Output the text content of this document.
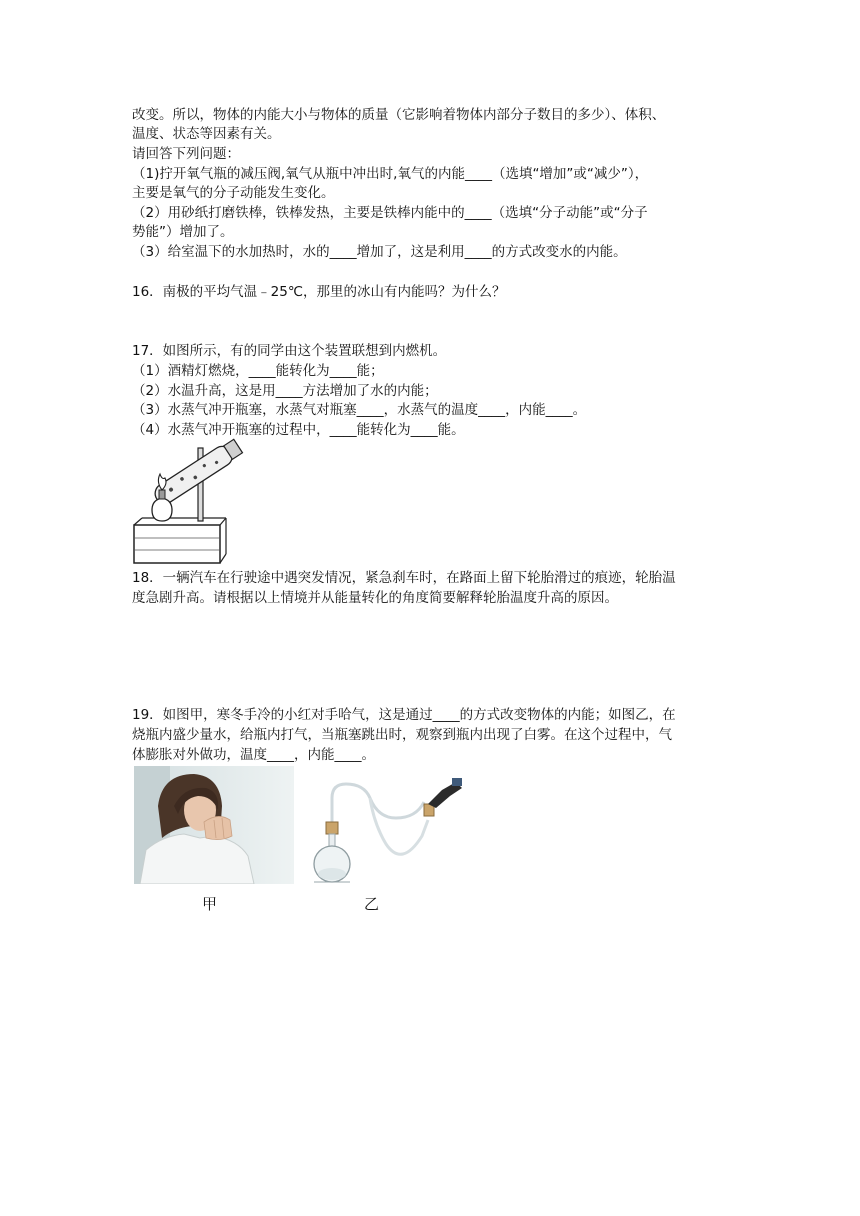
改变。所以，物体的内能大小与物体的质量（它影响着物体内部分子数目的多少）、体积、
温度、状态等因素有关。
请回答下列问题：
（1)拧开氧气瓶的减压阀,氧气从瓶中冲出时,氧气的内能____（选填“增加”或“减少”），
主要是氧气的分子动能发生变化。
（2）用砂纸打磨铁棒，铁棒发热，主要是铁棒内能中的____（选填“分子动能”或“分子
势能”）增加了。
（3）给室温下的水加热时，水的____增加了，这是利用____的方式改变水的内能。
16．南极的平均气温﹣25℃，那里的冰山有内能吗？为什么？
17．如图所示，有的同学由这个装置联想到内燃机。
（1）酒精灯燃烧，____能转化为____能；
（2）水温升高，这是用____方法增加了水的内能；
（3）水蒸气冲开瓶塞，水蒸气对瓶塞____，水蒸气的温度____，内能____。
（4）水蒸气冲开瓶塞的过程中，____能转化为____能。
18．一辆汽车在行驶途中遇突发情况，紧急刹车时，在路面上留下轮胎滑过的痕迹，轮胎温
度急剧升高。请根据以上情境并从能量转化的角度简要解释轮胎温度升高的原因。
19．如图甲，寒冬手冷的小红对手哈气，这是通过____的方式改变物体的内能；如图乙，在
烧瓶内盛少量水，给瓶内打气，当瓶塞跳出时，观察到瓶内出现了白雾。在这个过程中，气
体膨胀对外做功，温度____，内能____。
甲	乙
